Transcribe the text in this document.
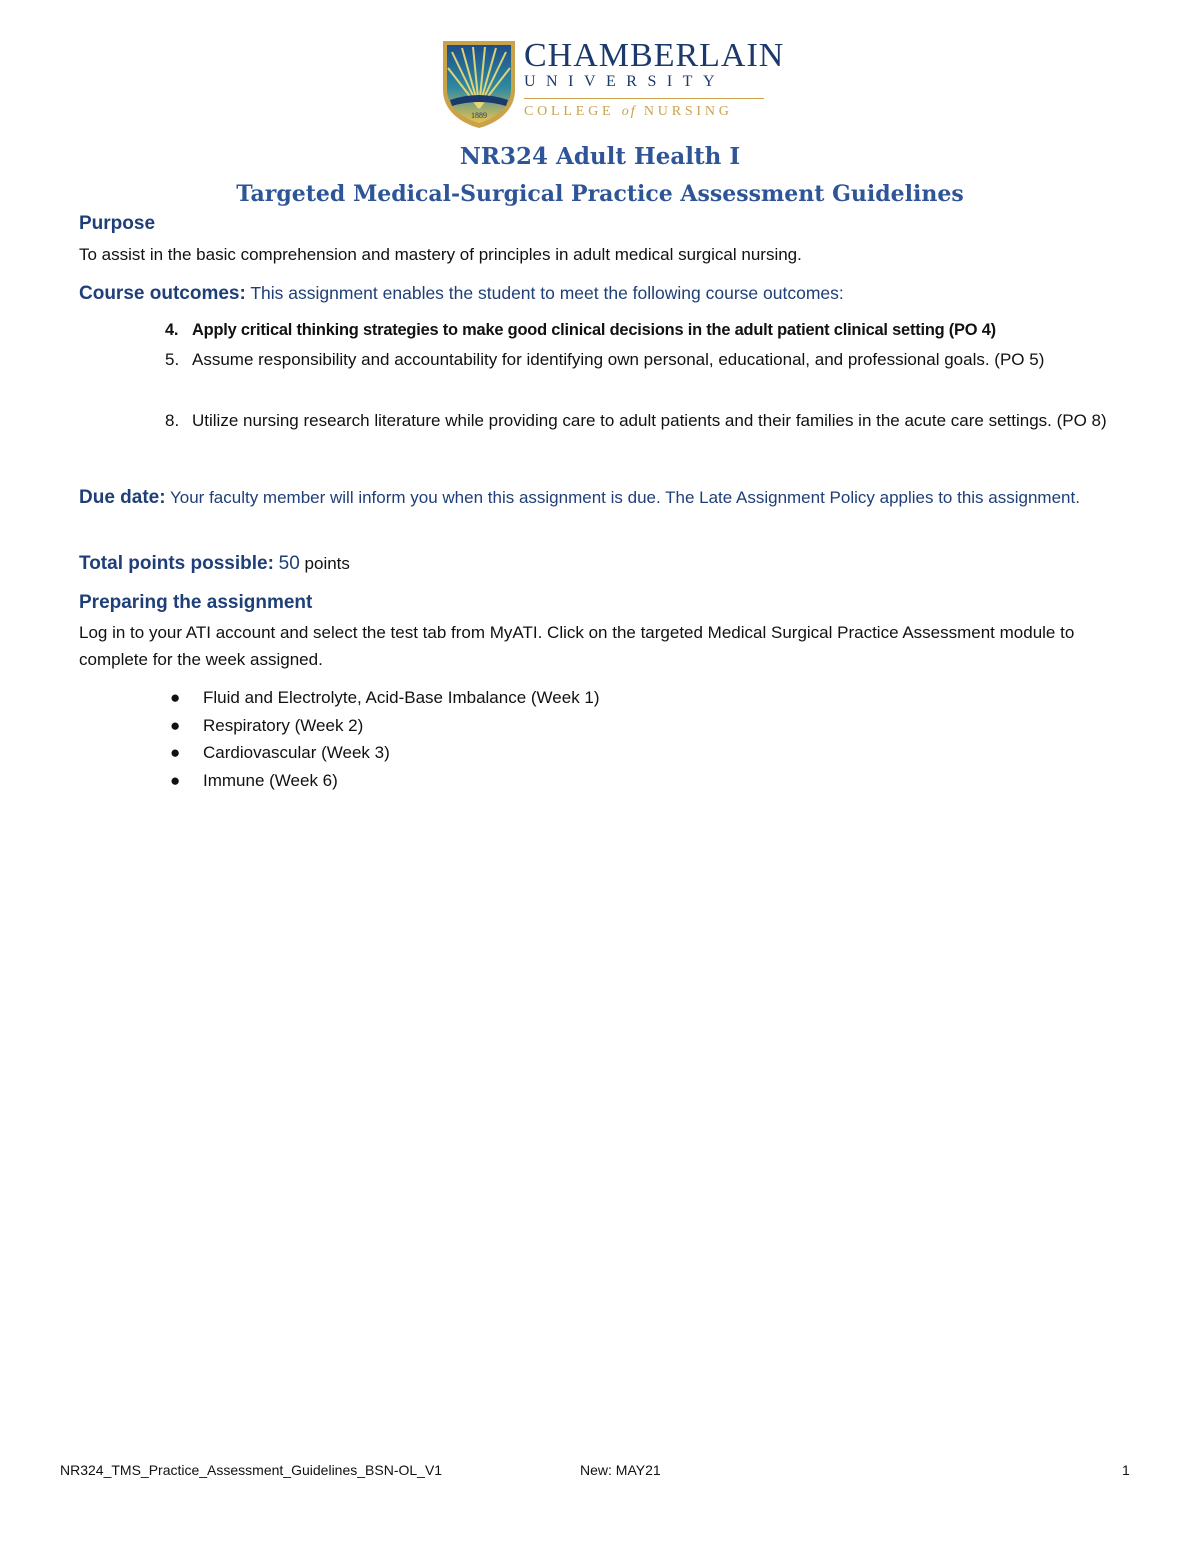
1889
CHAMBERLAIN
UNIVERSITY
COLLEGE of NURSING
NR324 Adult Health I
Targeted Medical-Surgical Practice Assessment Guidelines
Purpose
To assist in the basic comprehension and mastery of principles in adult medical surgical nursing.
Course outcomes: This assignment enables the student to meet the following course outcomes:
4. Apply critical thinking strategies to make good clinical decisions in the adult patient clinical setting (PO 4)
5. Assume responsibility and accountability for identifying own personal, educational, and professional goals. (PO 5)
8. Utilize nursing research literature while providing care to adult patients and their families in the acute care settings. (PO 8)
Due date: Your faculty member will inform you when this assignment is due. The Late Assignment Policy applies to this assignment.
Total points possible: 50 points
Preparing the assignment
Log in to your ATI account and select the test tab from MyATI. Click on the targeted Medical Surgical Practice Assessment module to complete for the week assigned.
● Fluid and Electrolyte, Acid-Base Imbalance (Week 1)
● Respiratory (Week 2)
● Cardiovascular (Week 3)
● Immune (Week 6)
NR324_TMS_Practice_Assessment_Guidelines_BSN-OL_V1	New: MAY21	1
